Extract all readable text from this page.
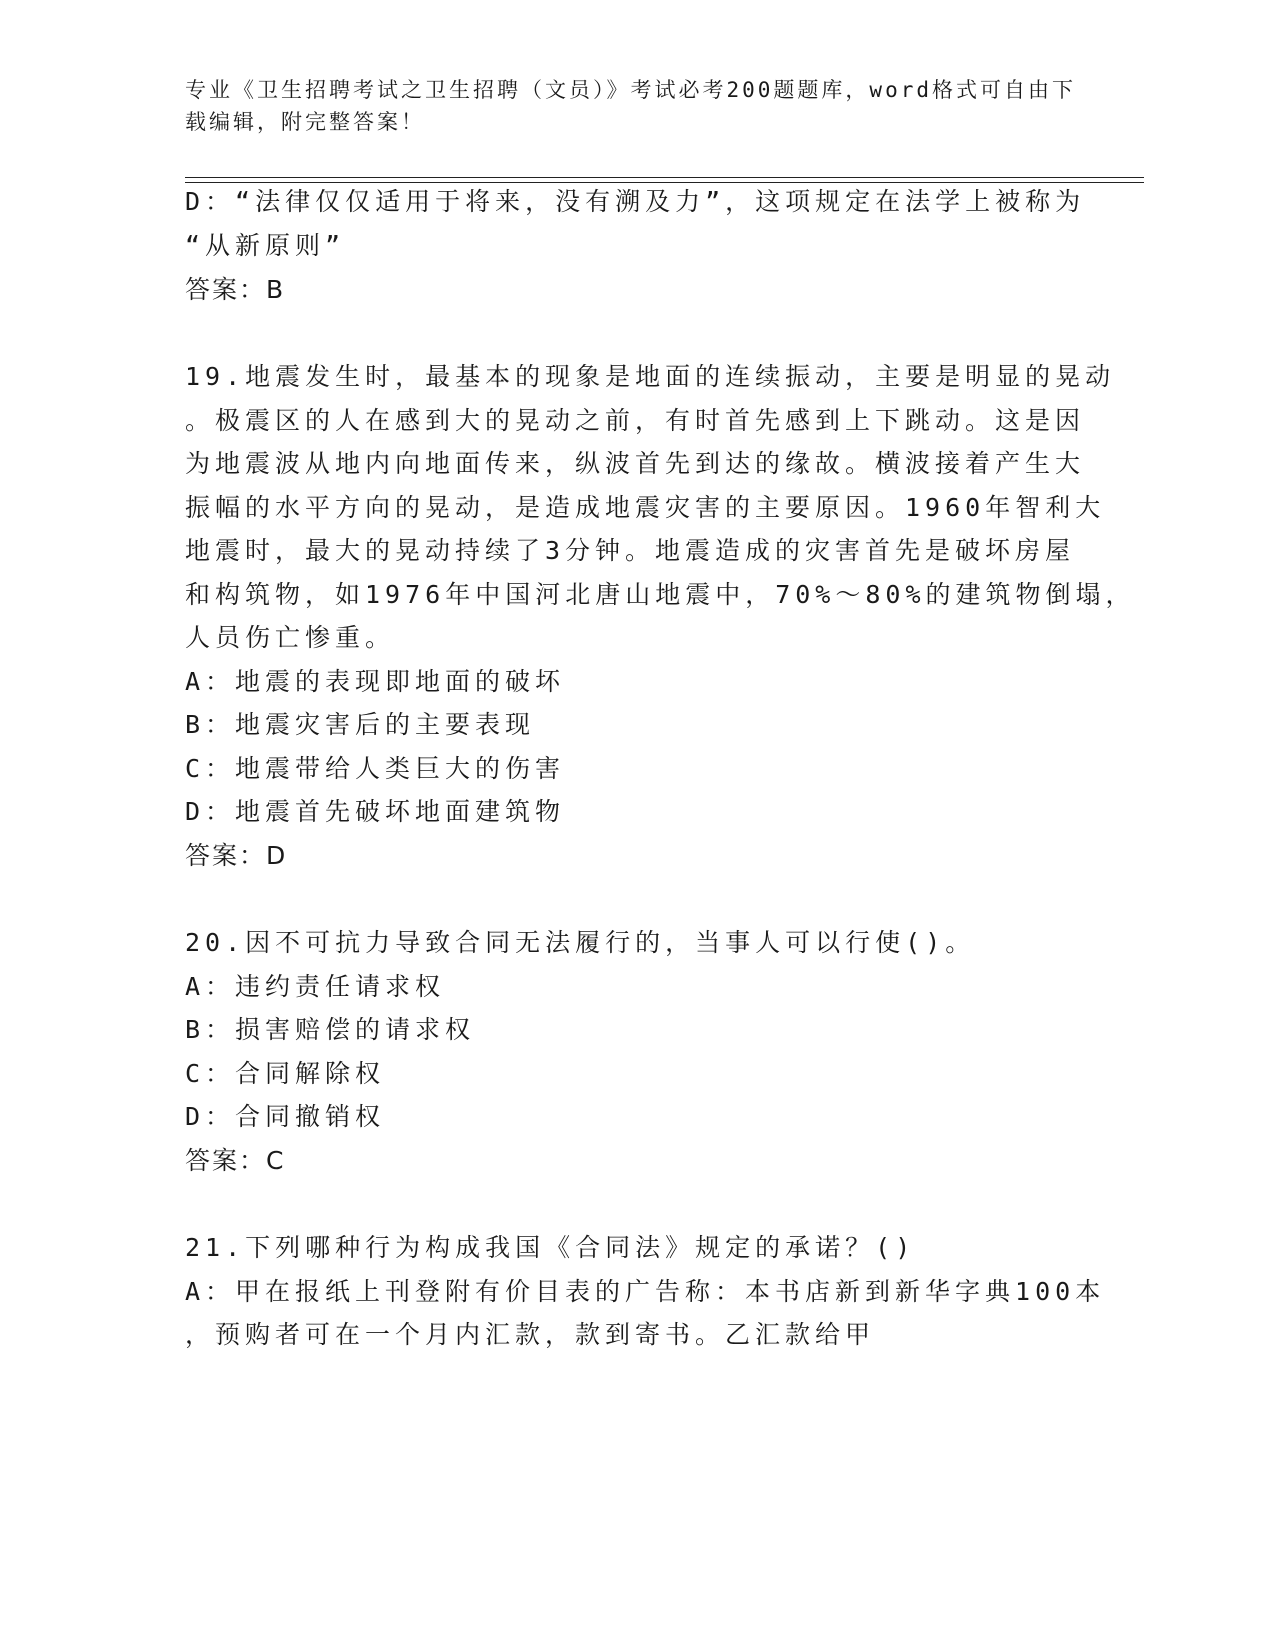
专业《卫生招聘考试之卫生招聘（文员）》考试必考200题题库，word格式可自由下载编辑，附完整答案！
D：“法律仅仅适用于将来，没有溯及力”，这项规定在法学上被称为
“从新原则”
答案：B
19.地震发生时，最基本的现象是地面的连续振动，主要是明显的晃动
。极震区的人在感到大的晃动之前，有时首先感到上下跳动。这是因
为地震波从地内向地面传来，纵波首先到达的缘故。横波接着产生大
振幅的水平方向的晃动，是造成地震灾害的主要原因。1960年智利大
地震时，最大的晃动持续了3分钟。地震造成的灾害首先是破坏房屋
和构筑物，如1976年中国河北唐山地震中，70%～80%的建筑物倒塌，
人员伤亡惨重。
A：地震的表现即地面的破坏
B：地震灾害后的主要表现
C：地震带给人类巨大的伤害
D：地震首先破坏地面建筑物
答案：D
20.因不可抗力导致合同无法履行的，当事人可以行使()。
A：违约责任请求权
B：损害赔偿的请求权
C：合同解除权
D：合同撤销权
答案：C
21.下列哪种行为构成我国《合同法》规定的承诺？()
A：甲在报纸上刊登附有价目表的广告称：本书店新到新华字典100本
，预购者可在一个月内汇款，款到寄书。乙汇款给甲
